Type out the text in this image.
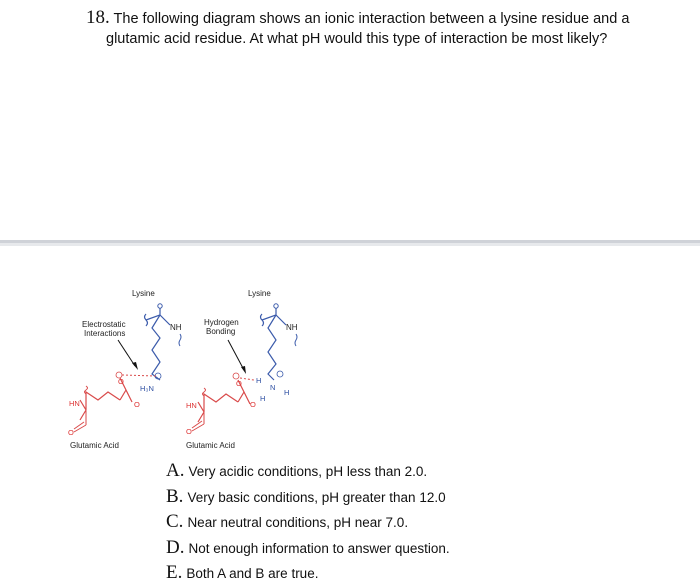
18. The following diagram shows an ionic interaction between a lysine residue and a
glutamic acid residue. At what pH would this type of interaction be most likely?
Lysine
Electrostatic
Interactions
NH
H₃N
O
O
HN
O
Glutamic Acid
Lysine
Hydrogen
Bonding	NH
H
N
H
H
O
O
HN
O
Glutamic Acid
A. Very acidic conditions, pH less than 2.0.
B. Very basic conditions, pH greater than 12.0
C. Near neutral conditions, pH near 7.0.
D. Not enough information to answer question.
E. Both A and B are true.
